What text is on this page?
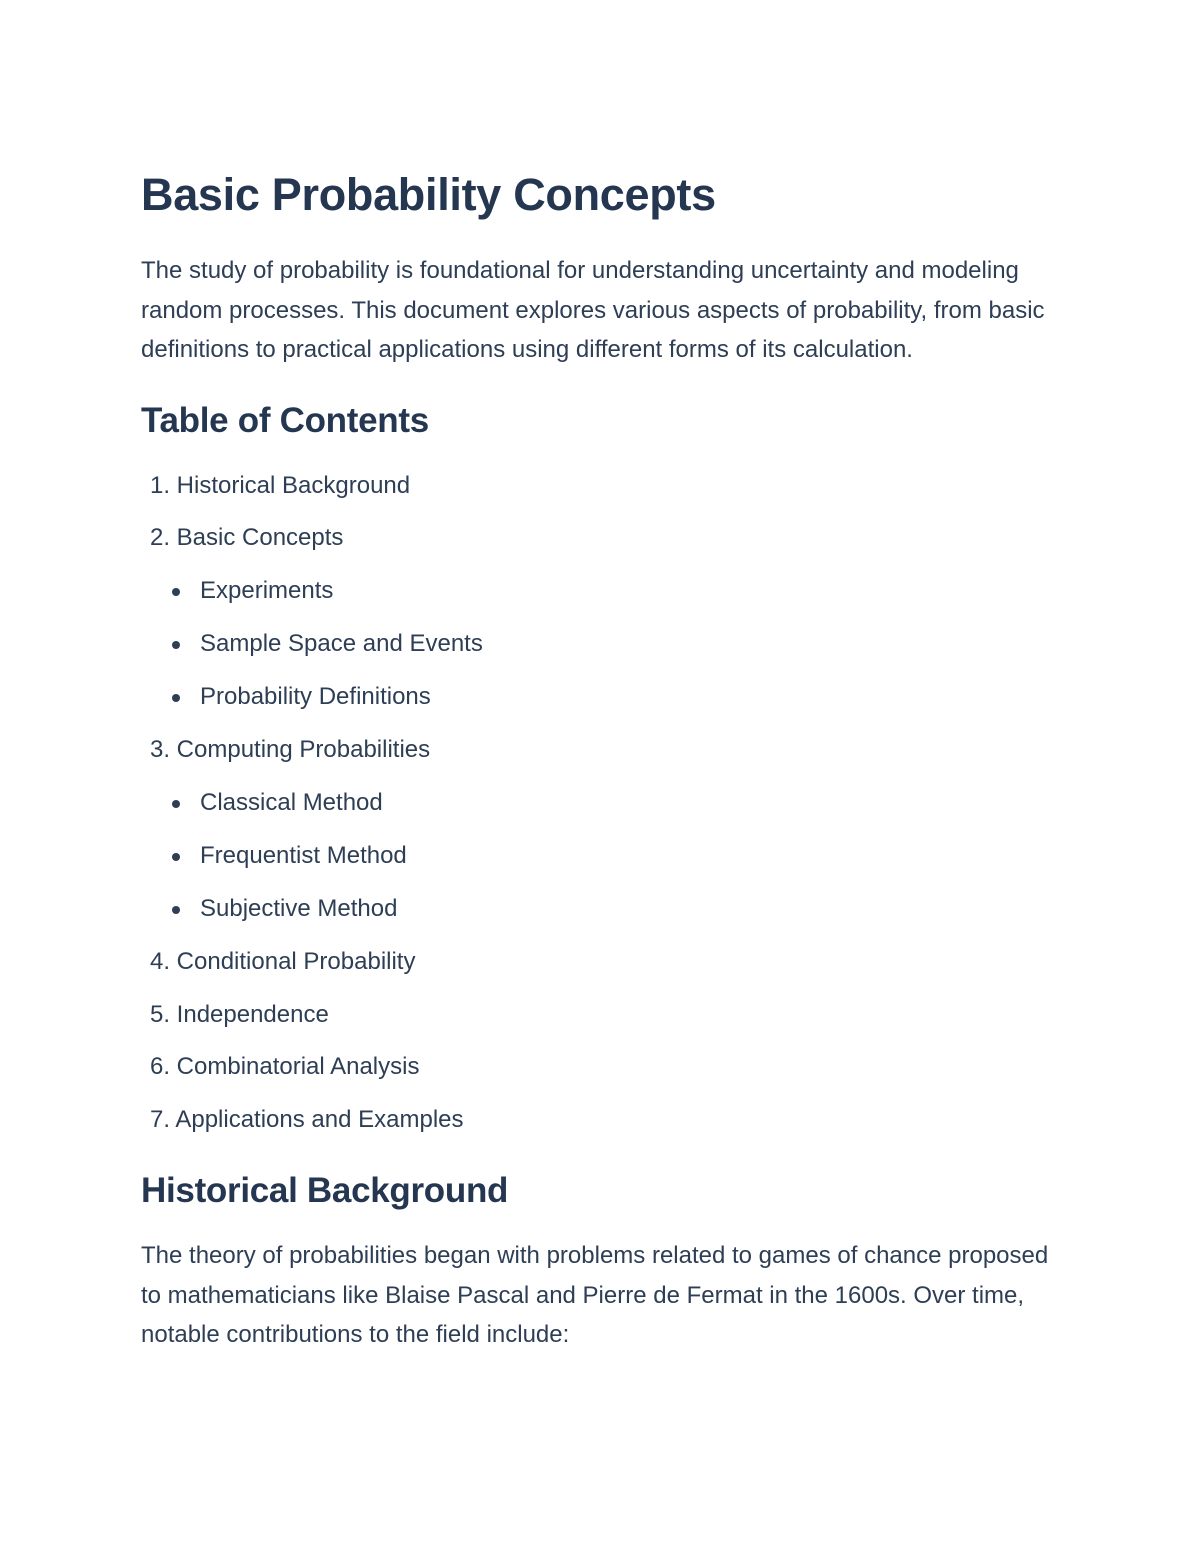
Basic Probability Concepts

The study of probability is foundational for understanding uncertainty and modeling random processes. This document explores various aspects of probability, from basic definitions to practical applications using different forms of its calculation.

Table of Contents
1. Historical Background
2. Basic Concepts
Experiments
Sample Space and Events
Probability Definitions
3. Computing Probabilities
Classical Method
Frequentist Method
Subjective Method
4. Conditional Probability
5. Independence
6. Combinatorial Analysis
7. Applications and Examples
Historical Background

The theory of probabilities began with problems related to games of chance proposed to mathematicians like Blaise Pascal and Pierre de Fermat in the 1600s. Over time, notable contributions to the field include:
